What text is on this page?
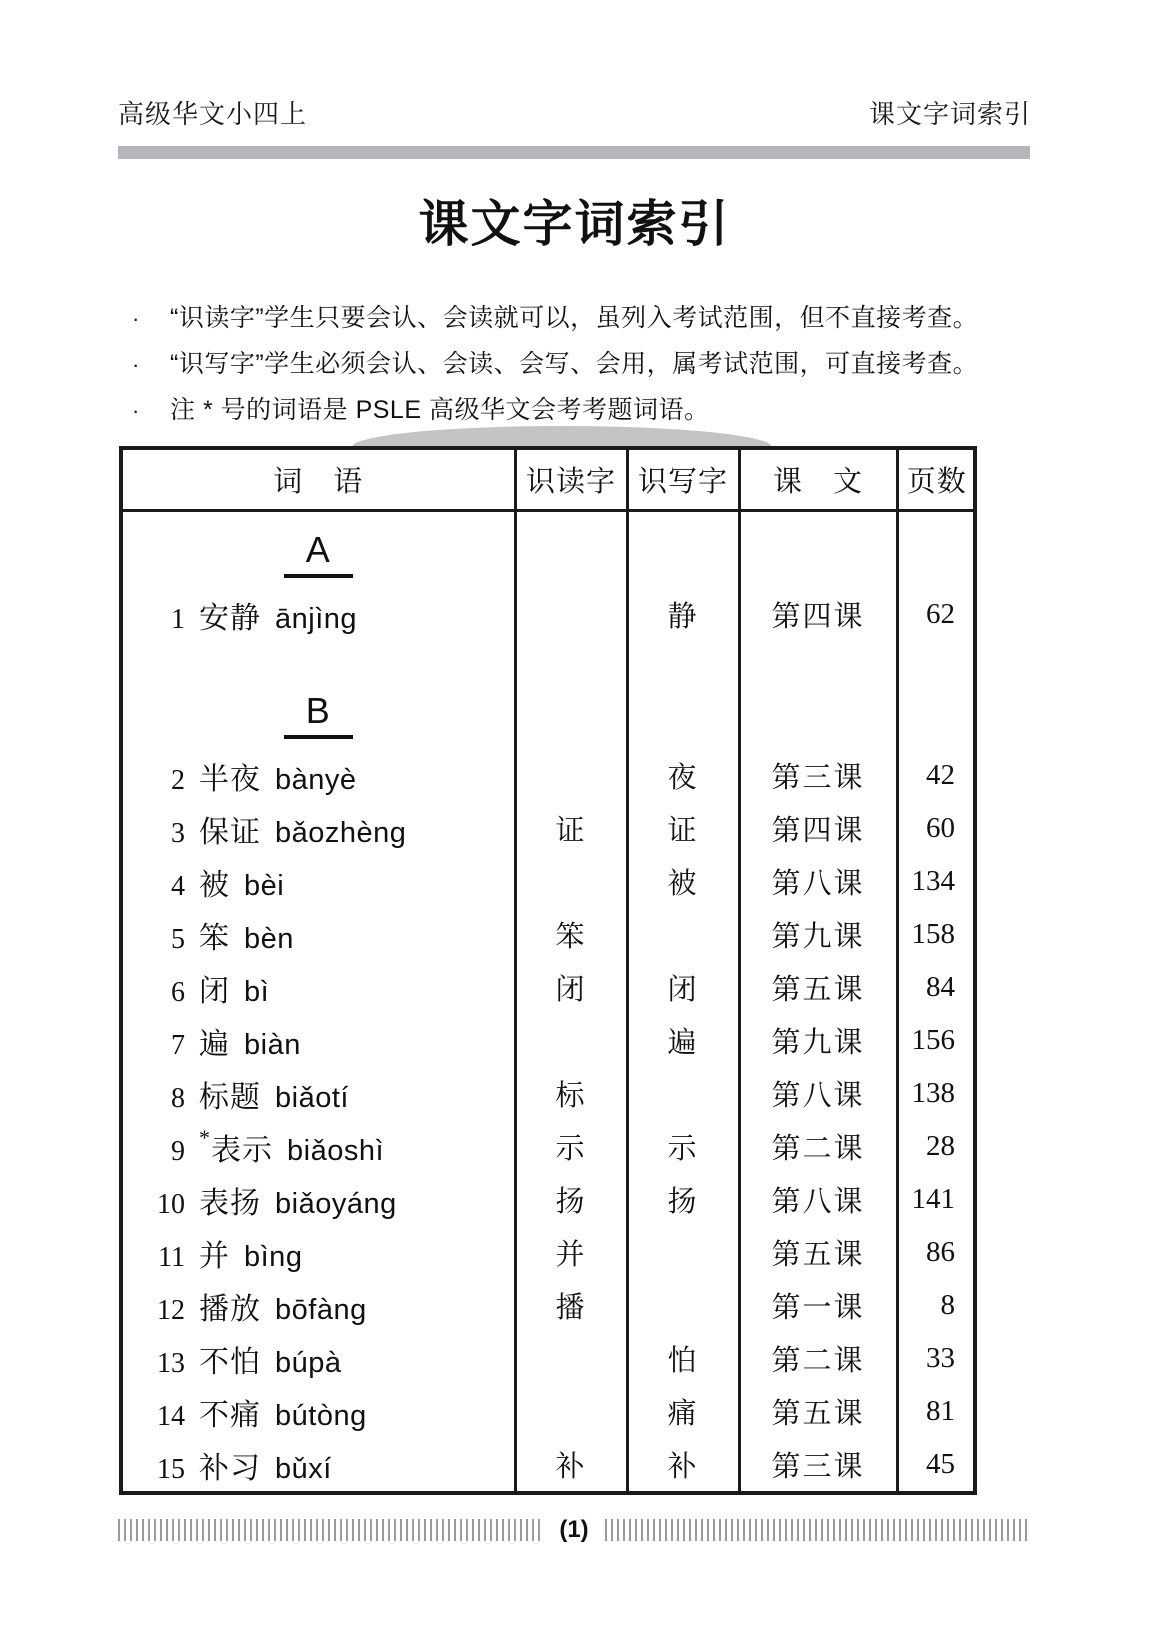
高级华文小四上	课文字词索引
课文字词索引
·	“识读字”学生只要会认、会读就可以，虽列入考试范围，但不直接考查。
·	“识写字”学生必须会认、会读、会写、会用，属考试范围，可直接考查。
·	注 * 号的词语是 PSLE 高级华文会考考题词语。
词　语	识读字	识写字	课　文	页数

A				

1 安静 ānjìng		静	第四课	62

B				

2 半夜 bànyè		夜	第三课	42
3 保证 bǎozhèng	证	证	第四课	60
4 被 bèi		被	第八课	134
5 笨 bèn	笨		第九课	158
6 闭 bì	闭	闭	第五课	84
7 遍 biàn		遍	第九课	156
8 标题 biǎotí	标		第八课	138
9 *表示 biǎoshì	示	示	第二课	28
10 表扬 biǎoyáng	扬	扬	第八课	141
11 并 bìng	并		第五课	86
12 播放 bōfàng	播		第一课	8
13 不怕 búpà		怕	第二课	33
14 不痛 bútòng		痛	第五课	81
15 补习 bǔxí	补	补	第三课	45
(1)
